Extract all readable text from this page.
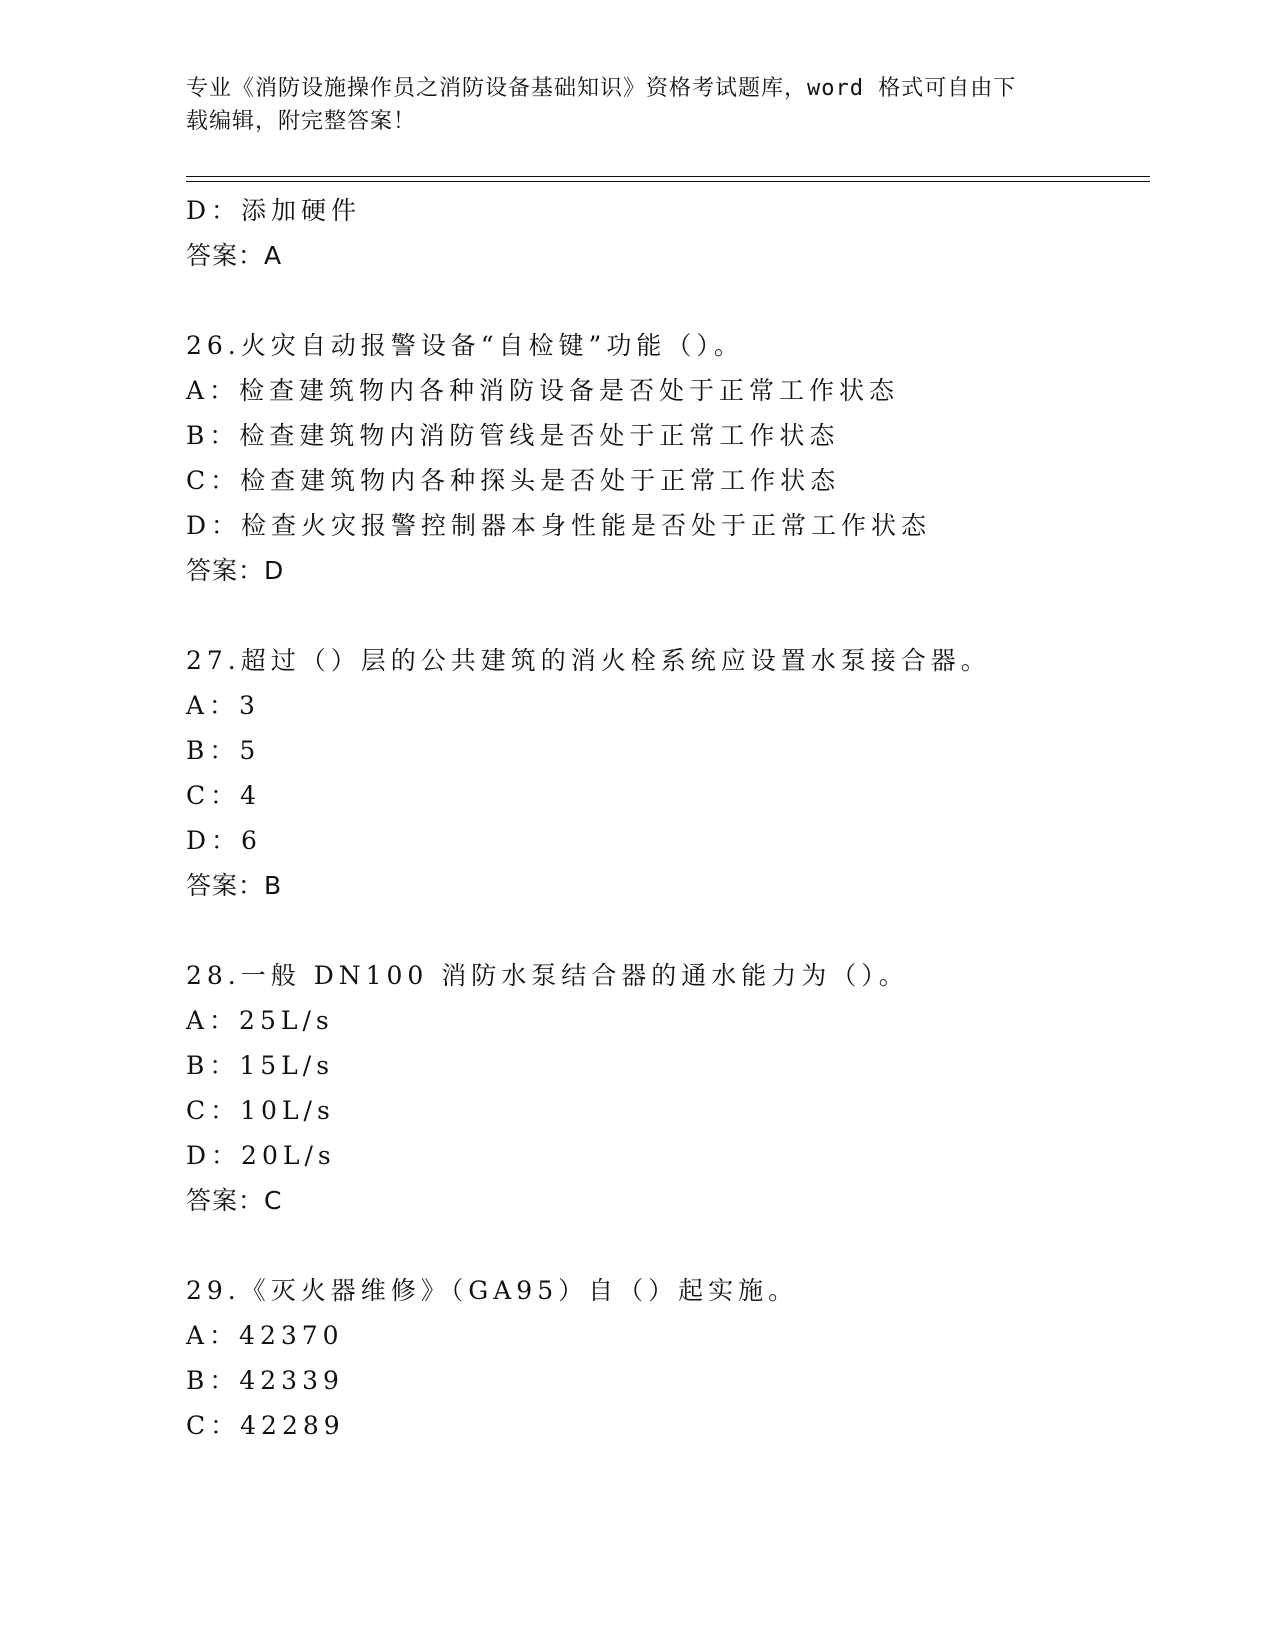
专业《消防设施操作员之消防设备基础知识》资格考试题库，word 格式可自由下
载编辑，附完整答案！
D：添加硬件
答案：A
26.火灾自动报警设备“自检键”功能（）。
A：检查建筑物内各种消防设备是否处于正常工作状态
B：检查建筑物内消防管线是否处于正常工作状态
C：检查建筑物内各种探头是否处于正常工作状态
D：检查火灾报警控制器本身性能是否处于正常工作状态
答案：D
27.超过（）层的公共建筑的消火栓系统应设置水泵接合器。
A：3
B：5
C：4
D：6
答案：B
28.一般 DN100 消防水泵结合器的通水能力为（）。
A：25L/s
B：15L/s
C：10L/s
D：20L/s
答案：C
29.《灭火器维修》（GA95）自（）起实施。
A：42370
B：42339
C：42289
